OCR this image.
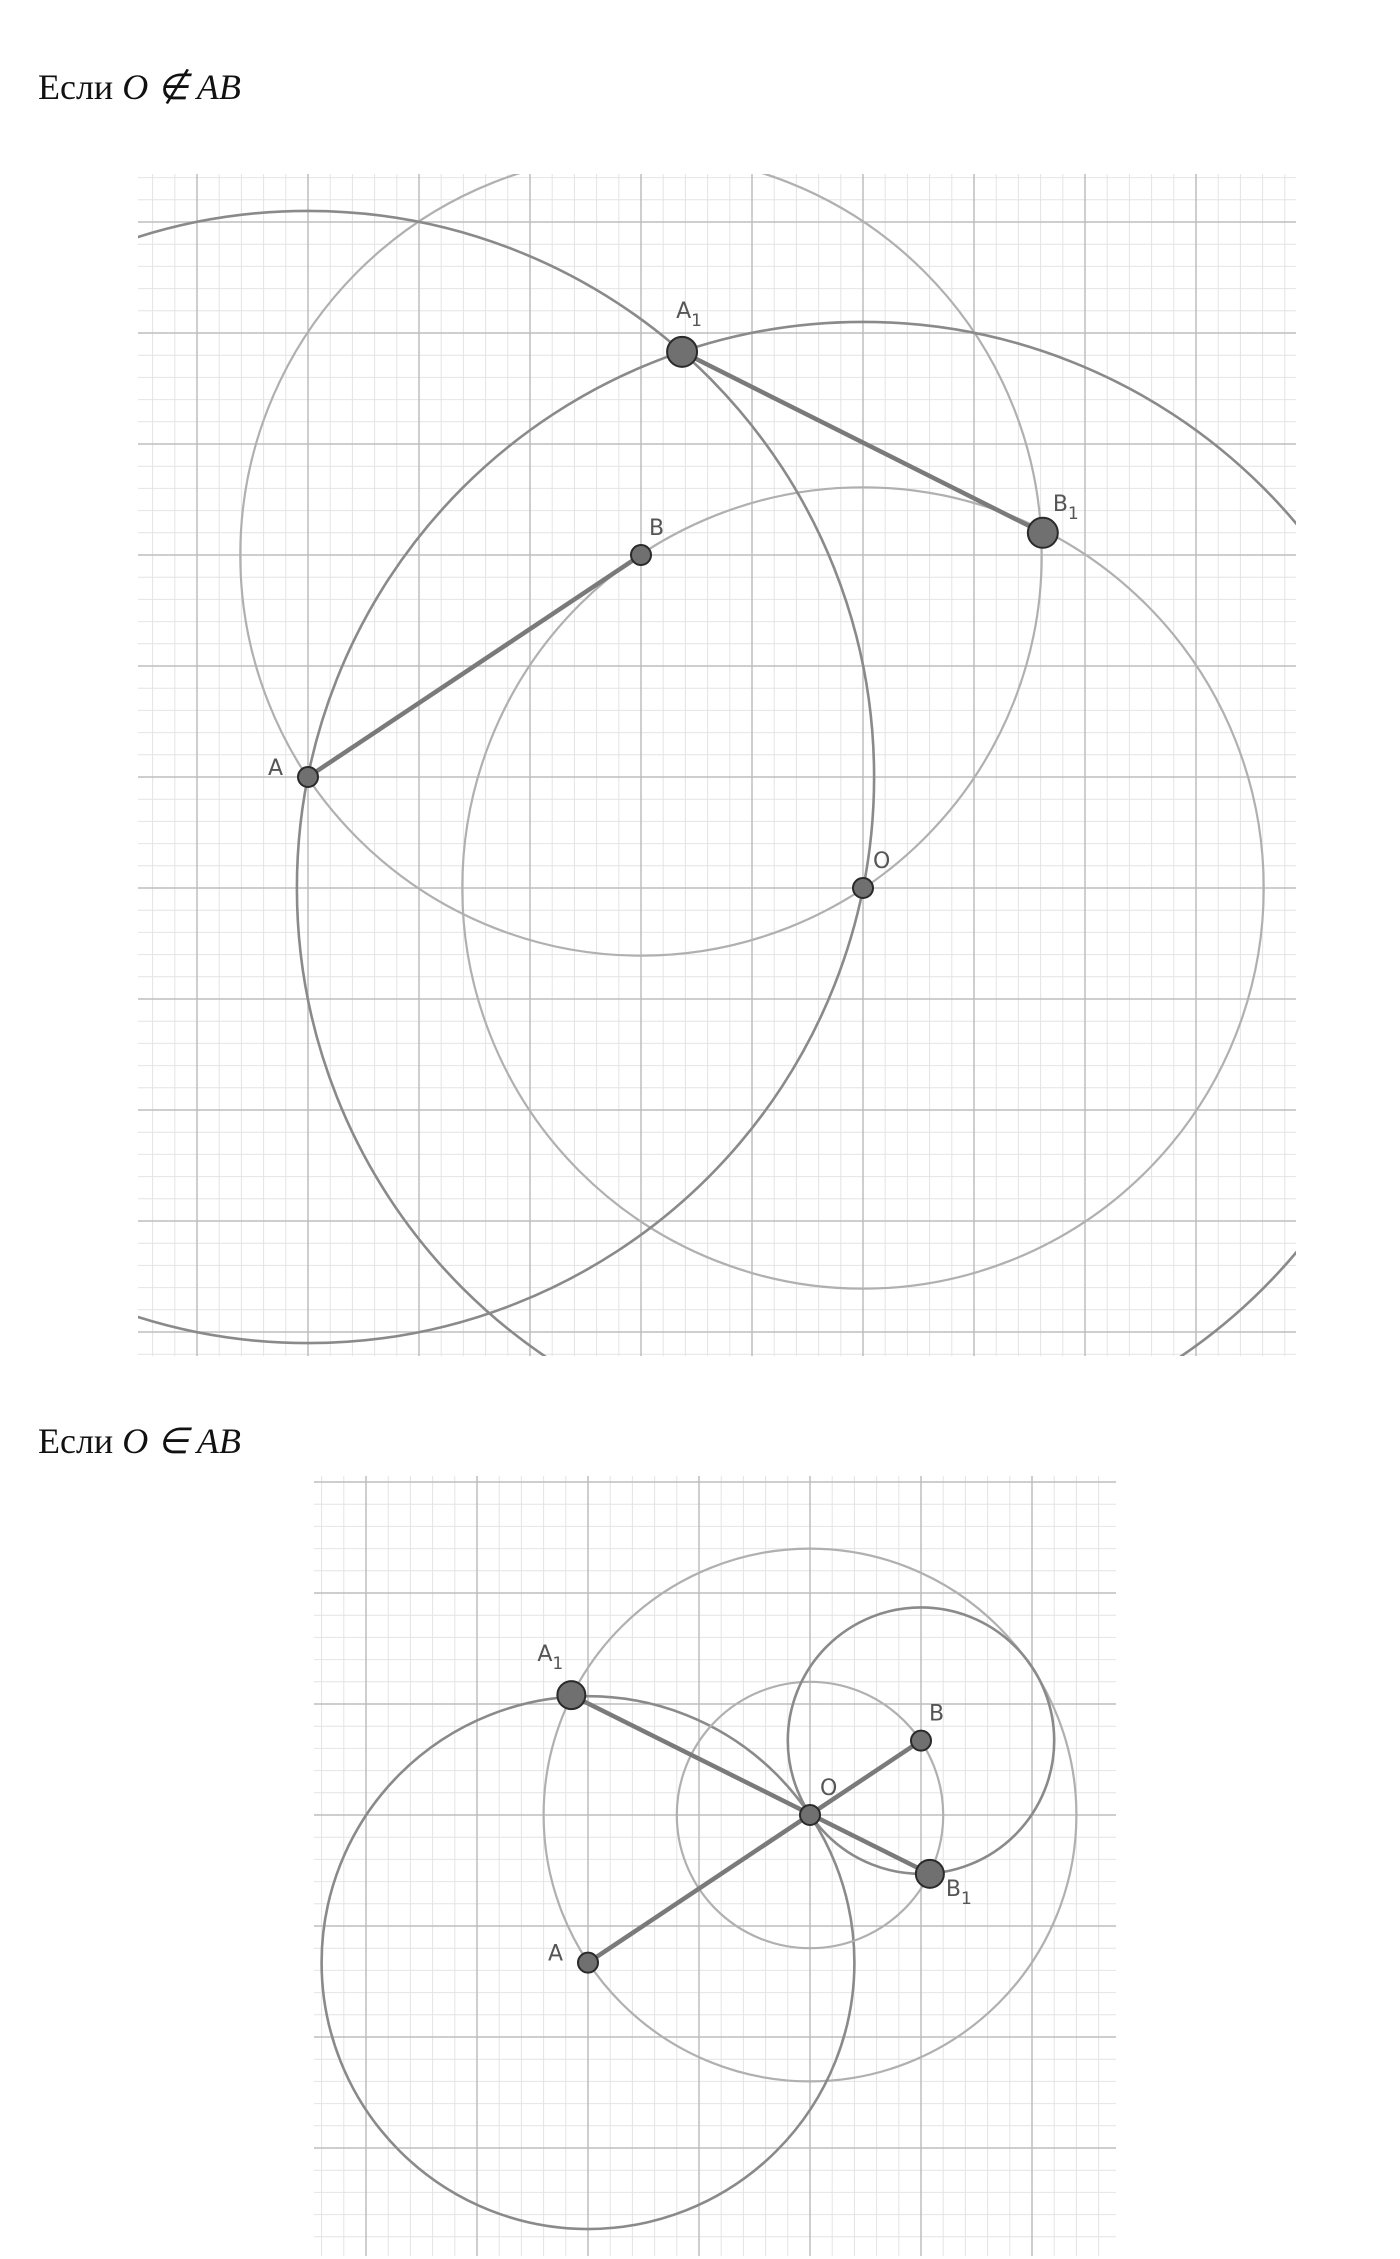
Если O ∉ AB
A
B
O
$A_1$
$B_1$
Если O ∈ AB
A
B
O
$A_1$
$B_1$
